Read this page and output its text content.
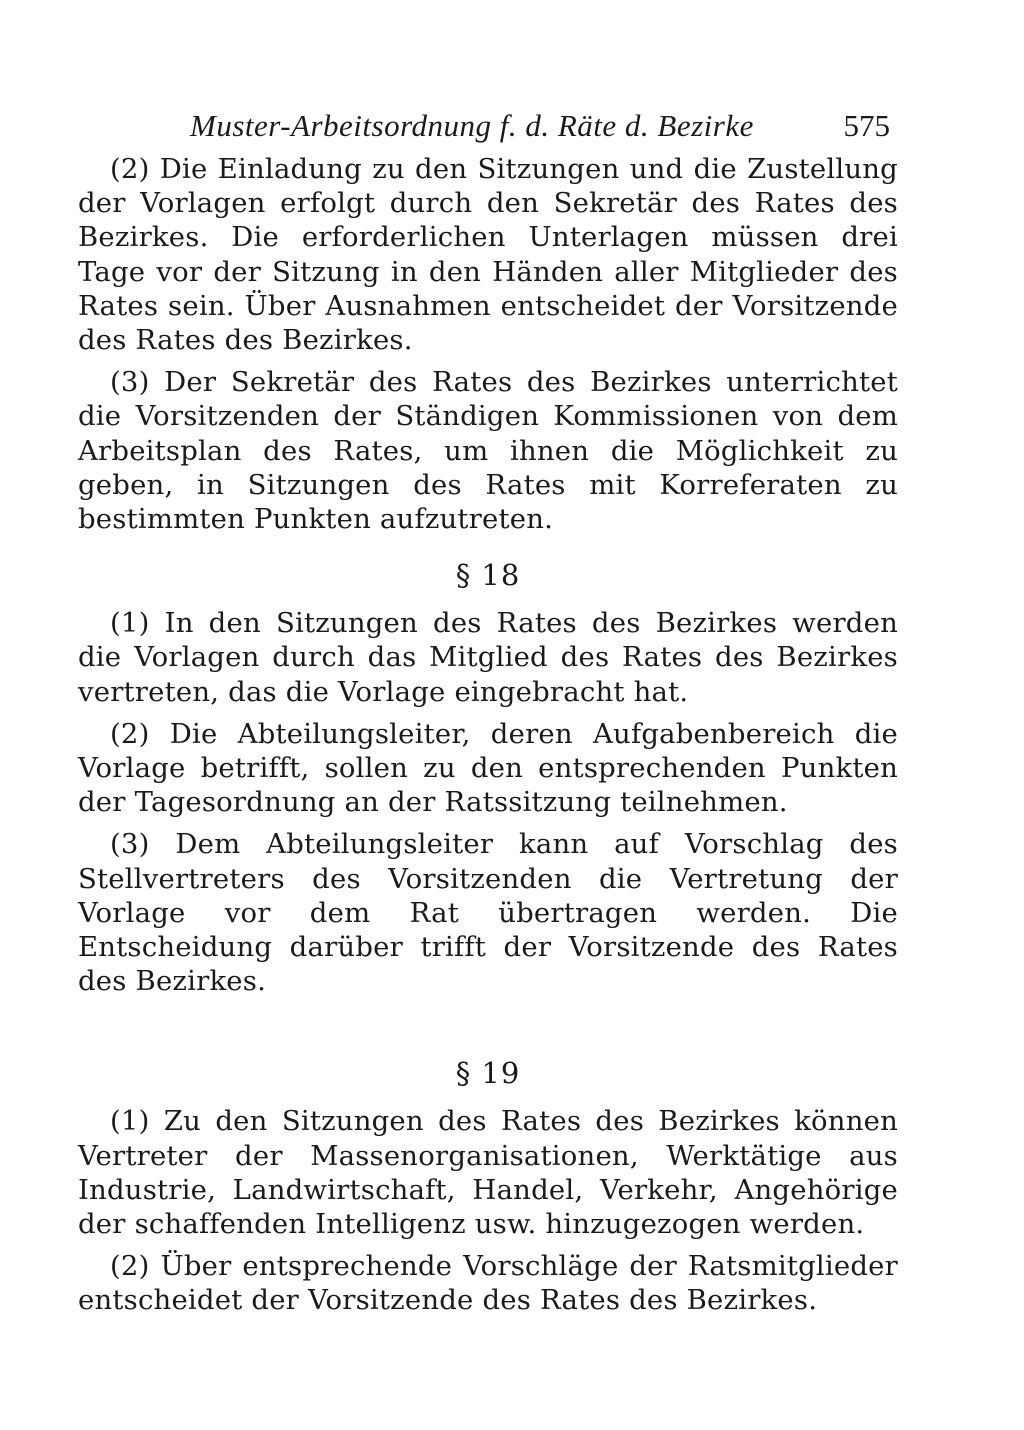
Muster-Arbeitsordnung f. d. Räte d. Bezirke	575

(2) Die Einladung zu den Sitzungen und die Zustellung der Vorlagen erfolgt durch den Sekretär des Rates des Bezirkes. Die erforderlichen Unterlagen müssen drei Tage vor der Sitzung in den Händen aller Mitglieder des Rates sein. Über Ausnahmen entscheidet der Vorsitzende des Rates des Bezirkes.

(3) Der Sekretär des Rates des Bezirkes unterrichtet die Vorsitzenden der Ständigen Kommissionen von dem Arbeitsplan des Rates, um ihnen die Möglichkeit zu geben, in Sitzungen des Rates mit Korreferaten zu bestimmten Punkten aufzutreten.

§ 18

(1) In den Sitzungen des Rates des Bezirkes werden die Vorlagen durch das Mitglied des Rates des Bezirkes vertreten, das die Vorlage eingebracht hat.

(2) Die Abteilungsleiter, deren Aufgabenbereich die Vorlage betrifft, sollen zu den entsprechenden Punkten der Tagesordnung an der Ratssitzung teilnehmen.

(3) Dem Abteilungsleiter kann auf Vorschlag des Stellvertreters des Vorsitzenden die Vertretung der Vorlage vor dem Rat übertragen werden. Die Entscheidung darüber trifft der Vorsitzende des Rates des Bezirkes.

§ 19

(1) Zu den Sitzungen des Rates des Bezirkes können Vertreter der Massenorganisationen, Werktätige aus Industrie, Landwirtschaft, Handel, Verkehr, Angehörige der schaffenden Intelligenz usw. hinzugezogen werden.

(2) Über entsprechende Vorschläge der Ratsmitglieder entscheidet der Vorsitzende des Rates des Bezirkes.
